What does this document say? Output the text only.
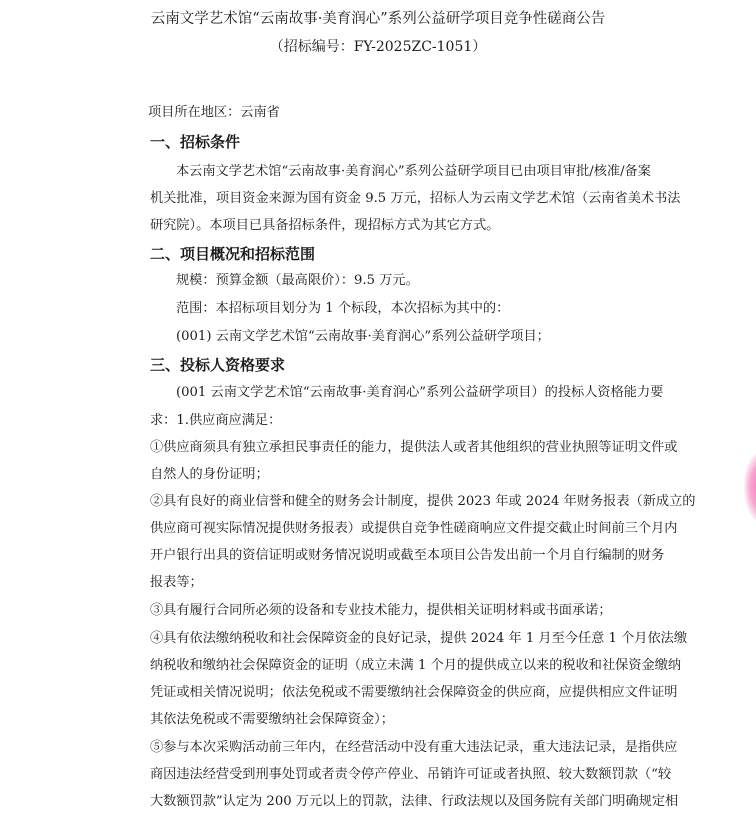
云南文学艺术馆“云南故事·美育润心”系列公益研学项目竞争性磋商公告
（招标编号：FY-2025ZC-1051）
项目所在地区：云南省
一、招标条件
本云南文学艺术馆“云南故事·美育润心”系列公益研学项目已由项目审批/核准/备案
机关批准，项目资金来源为国有资金 9.5 万元，招标人为云南文学艺术馆（云南省美术书法
研究院）。本项目已具备招标条件，现招标方式为其它方式。
二、项目概况和招标范围
规模：预算金额（最高限价）：9.5 万元。
范围：本招标项目划分为 1 个标段，本次招标为其中的：
(001) 云南文学艺术馆“云南故事·美育润心”系列公益研学项目；
三、投标人资格要求
(001 云南文学艺术馆“云南故事·美育润心”系列公益研学项目）的投标人资格能力要
求：1.供应商应满足：
①供应商须具有独立承担民事责任的能力，提供法人或者其他组织的营业执照等证明文件或
自然人的身份证明；
②具有良好的商业信誉和健全的财务会计制度，提供 2023 年或 2024 年财务报表（新成立的
供应商可视实际情况提供财务报表）或提供自竞争性磋商响应文件提交截止时间前三个月内
开户银行出具的资信证明或财务情况说明或截至本项目公告发出前一个月自行编制的财务
报表等；
③具有履行合同所必须的设备和专业技术能力，提供相关证明材料或书面承诺；
④具有依法缴纳税收和社会保障资金的良好记录，提供 2024 年 1 月至今任意 1 个月依法缴
纳税收和缴纳社会保障资金的证明（成立未满 1 个月的提供成立以来的税收和社保资金缴纳
凭证或相关情况说明；依法免税或不需要缴纳社会保障资金的供应商，应提供相应文件证明
其依法免税或不需要缴纳社会保障资金）；
⑤参与本次采购活动前三年内，在经营活动中没有重大违法记录，重大违法记录，是指供应
商因违法经营受到刑事处罚或者责令停产停业、吊销许可证或者执照、较大数额罚款（“较
大数额罚款”认定为 200 万元以上的罚款，法律、行政法规以及国务院有关部门明确规定相
